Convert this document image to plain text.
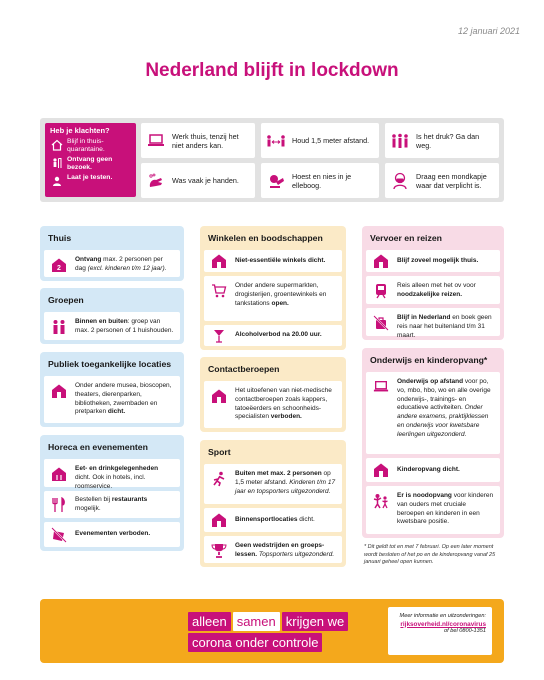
12 januari 2021
Nederland blijft in lockdown
Heb je klachten?
Blijf in thuis-quarantaine.
Ontvang geen bezoek.
Laat je testen.
Werk thuis, tenzij het niet anders kan.	Houd 1,5 meter afstand.	Is het druk? Ga dan weg.
Was vaak je handen.	Hoest en nies in je elleboog.
Draag een mondkapje waar dat verplicht is.
Thuis
2
Ontvang max. 2 personen per dag (excl. kinderen t/m 12 jaar).
Groepen
Binnen en buiten: groep van max. 2 personen of 1 huishouden.
Publiek toegankelijke locaties
Onder andere musea, bioscopen, theaters, dierenparken, bibliotheken, zwembaden en pretparken dicht.
Horeca en evenementen
Eet- en drinkgelegenheden dicht. Ook in hotels, incl. roomservice.
Bestellen bij restaurants mogelijk.
Evenementen verboden.
Winkelen en boodschappen
Niet-essentiële winkels dicht.
Onder andere supermarkten, drogisterijen, groentewinkels en tankstations open.
Alcoholverbod na 20.00 uur.
Contactberoepen
Het uitoefenen van niet-medische contactberoepen zoals kappers, tatoeëerders en schoonheids-specialisten verboden.
Sport
Buiten met max. 2 personen op 1,5 meter afstand. Kinderen t/m 17 jaar en topsporters uitgezonderd.
Binnensportlocaties dicht.
Geen wedstrijden en groeps-lessen. Topsporters uitgezonderd.
Vervoer en reizen
Blijf zoveel mogelijk thuis.
Reis alleen met het ov voor noodzakelijke reizen.
Blijf in Nederland en boek geen reis naar het buitenland t/m 31 maart.
Onderwijs en kinderopvang*
Onderwijs op afstand voor po, vo, mbo, hbo, wo en alle overige onderwijs-, trainings- en educatieve activiteiten. Onder andere examens, praktijklessen en onderwijs voor kwetsbare leerlingen uitgezonderd.
Kinderopvang dicht.
Er is noodopvang voor kinderen van ouders met cruciale beroepen en kinderen in een kwetsbare positie.
* Dit geldt tot en met 7 februari. Op een later moment wordt besloten of het po en de kinderopvang vanaf 25 januari geheel open kunnen.
alleen samen krijgen we
corona onder controle
Meer informatie en uitzonderingen:
rijksoverheid.nl/coronavirus
of bel 0800-1351
